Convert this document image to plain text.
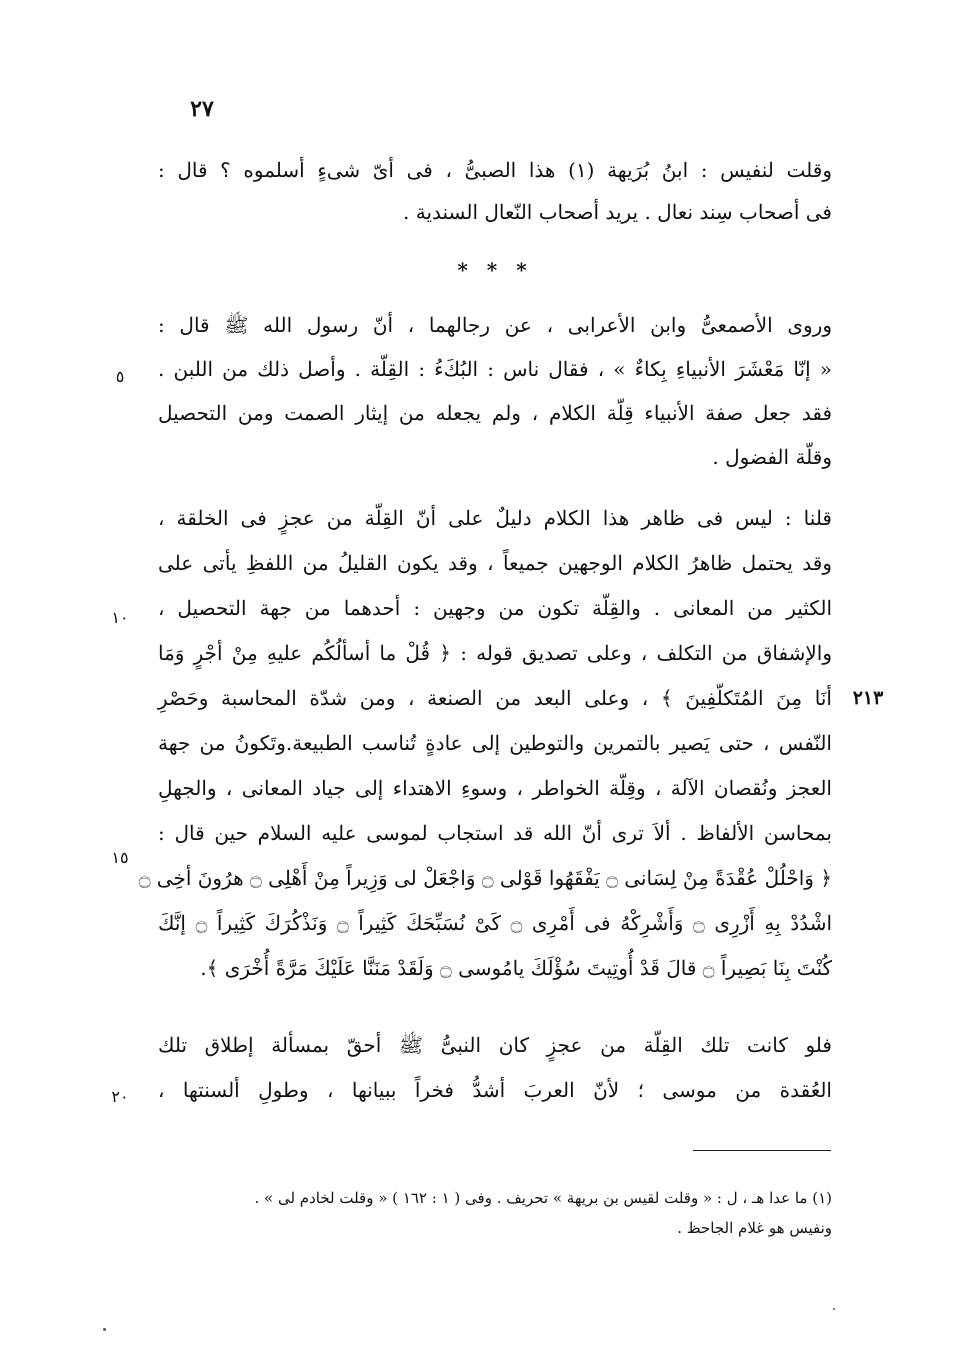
٢٧
وقلت لنفيس : ابنُ بُرَيهة (١) هذا الصبىُّ ، فى أىّ شىءٍ أسلموه ؟ قال :
فى أصحاب سِند نعال . يريد أصحاب النّعال السندية .
* * *
وروى الأصمعىُّ وابن الأعرابى ، عن رجالهما ، أنّ رسول الله ﷺ قال :
« إنّا مَعْشَرَ الأنبياءِ بِكاءٌ » ، فقال ناس : البُكَءُ : القِلّة . وأصل ذلك من اللبن .
فقد جعل صفة الأنبياء قِلّة الكلام ، ولم يجعله من إيثار الصمت ومن التحصيل
وقلّة الفضول .
قلنا : ليس فى ظاهر هذا الكلام دليلٌ على أنّ القِلّة من عجزٍ فى الخلقة ،
وقد يحتمل ظاهرُ الكلام الوجهين جميعاً ، وقد يكون القليلُ من اللفظِ يأتى على
الكثير من المعانى . والقِلّة تكون من وجهين : أحدهما من جهة التحصيل ،
والإشفاق من التكلف ، وعلى تصديق قوله : ﴿ قُلْ ما أسألُكُم عليهِ مِنْ أجْرٍ وَمَا
أنَا مِنَ المُتَكلّفِينَ ﴾ ، وعلى البعد من الصنعة ، ومن شدّة المحاسبة وحَصْرِ
النّفس ، حتى يَصير بالتمرين والتوطين إلى عادةٍ تُناسب الطبيعة.وتَكونُ من جهة
العجز ونُقصان الآلة ، وقِلّة الخواطر ، وسوءِ الاهتداء إلى جياد المعانى ، والجهلِ
بمحاسن الألفاظ . ألاَ ترى أنّ الله قد استجاب لموسى عليه السلام حين قال :
﴿ وَاحْلُلْ عُقْدَةً مِنْ لِسَانى ۝ يَفْقَهُوا قَوْلى ۝ وَاجْعَلْ لى وَزِيراً مِنْ أَهْلِى ۝ هرُونَ أخِى ۝
اشْدُدْ بِهِ أَزْرِى ۝ وَأَشْرِكْهُ فى أَمْرِى ۝ كَىْ نُسَبِّحَكَ كَثِيراً ۝ وَنَذْكُرَكَ كَثِيراً ۝ إنَّكَ
كُنْتَ بِنَا بَصِيراً ۝ قالَ قَدْ أُوتِيتَ سُؤْلَكَ يامُوسى ۝ وَلَقَدْ مَنَنَّا عَلَيْكَ مَرَّةً أُخْرَى ﴾.
فلو كانت تلك القِلّة من عجزٍ كان النبىُّ ﷺ أحقّ بمسألة إطلاق تلك
العُقدة من موسى ؛ لأنّ العربَ أشدُّ فخراً ببيانها ، وطولِ ألسنتها ،
٥
١٠
١٥
٢٠
٢١٣
(١) ما عدا هـ ، ل : « وقلت لقيس بن بريهة » تحريف . وفى ( ١ : ١٦٢ ) « وقلت لخادم لى » .
ونفيس هو غلام الجاحظ .
